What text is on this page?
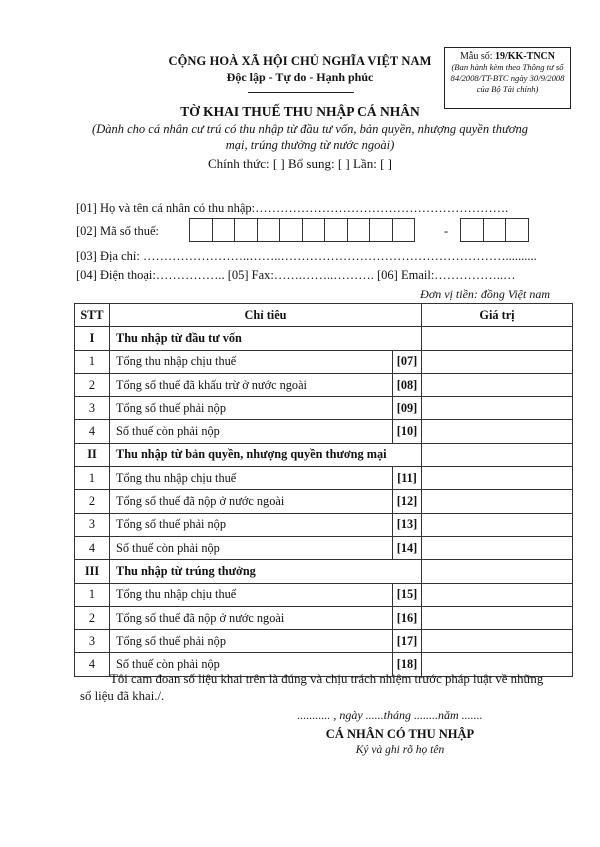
CỘNG HOÀ XÃ HỘI CHỦ NGHĨA VIỆT NAM
Độc lập - Tự do - Hạnh phúc
Mẫu số: 19/KK-TNCN
(Ban hành kèm theo Thông tư số 84/2008/TT-BTC ngày 30/9/2008 của Bộ Tài chính)
TỜ KHAI THUẾ THU NHẬP CÁ NHÂN
(Dành cho cá nhân cư trú có thu nhập từ đầu tư vốn, bản quyền, nhượng quyền thương mại, trúng thưởng từ nước ngoài)
Chính thức: [ ] Bổ sung: [ ] Lần: [ ]
[01] Họ và tên cá nhân có thu nhập:…………………………………………………….
[02] Mã số thuế:	-
[03] Địa chỉ: ……………………..……..………………………………………………..........
[04] Điện thoại:…………….. [05] Fax:…….……..………. [06] Email:……………..…
Đơn vị tiền: đồng Việt nam
STT	Chỉ tiêu		Giá trị
I	Thu nhập từ đầu tư vốn		
1	Tổng thu nhập chịu thuế	[07]	
2	Tổng số thuế đã khấu trừ ở nước ngoài	[08]	
3	Tổng số thuế phải nộp	[09]	
4	Số thuế còn phải nộp	[10]	
II	Thu nhập từ bản quyền, nhượng quyền thương mại		
1	Tổng thu nhập chịu thuế	[11]	
2	Tổng số thuế đã nộp ở nước ngoài	[12]	
3	Tổng số thuế phải nộp	[13]	
4	Số thuế còn phải nộp	[14]	
III	Thu nhập từ trúng thưởng		
1	Tổng thu nhập chịu thuế	[15]	
2	Tổng số thuế đã nộp ở nước ngoài	[16]	
3	Tổng số thuế phải nộp	[17]	
4	Số thuế còn phải nộp	[18]	
Tôi cam đoan số liệu khai trên là đúng và chịu trách nhiệm trước pháp luật về những số liệu đã khai./.
........... , ngày ......tháng ........năm .......
CÁ NHÂN CÓ THU NHẬP
Ký và ghi rõ họ tên
